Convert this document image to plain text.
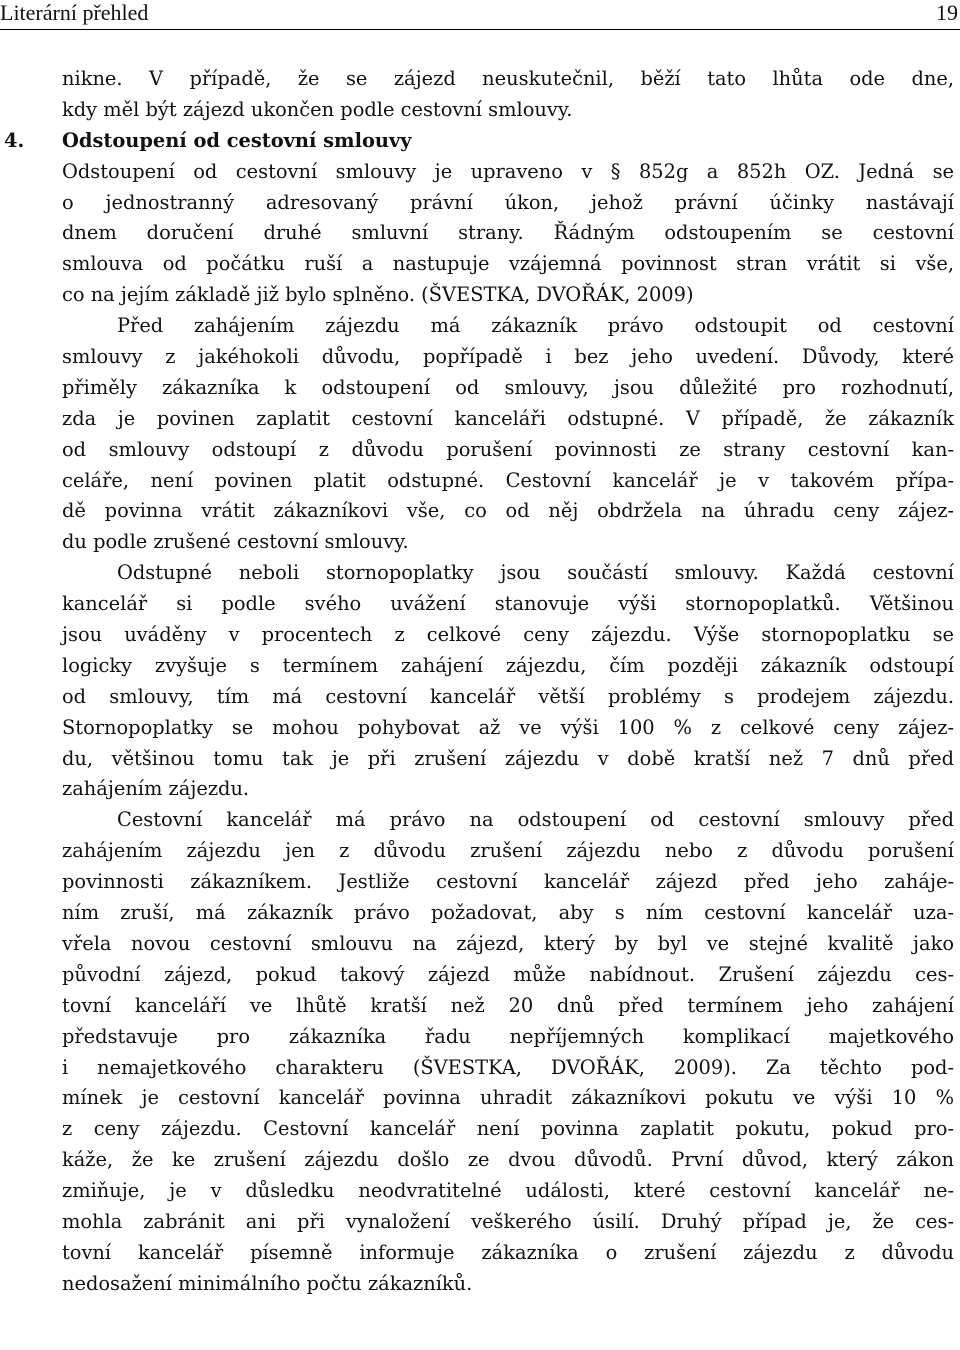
Literární přehled	19
nikne. V případě, že se zájezd neuskutečnil, běží tato lhůta ode dne,
kdy měl být zájezd ukončen podle cestovní smlouvy.
4. Odstoupení od cestovní smlouvy
Odstoupení od cestovní smlouvy je upraveno v § 852g a 852h OZ. Jedná se
o jednostranný adresovaný právní úkon, jehož právní účinky nastávají
dnem doručení druhé smluvní strany. Řádným odstoupením se cestovní
smlouva od počátku ruší a nastupuje vzájemná povinnost stran vrátit si vše,
co na jejím základě již bylo splněno. (ŠVESTKA, DVOŘÁK, 2009)
Před zahájením zájezdu má zákazník právo odstoupit od cestovní
smlouvy z jakéhokoli důvodu, popřípadě i bez jeho uvedení. Důvody, které
přiměly zákazníka k odstoupení od smlouvy, jsou důležité pro rozhodnutí,
zda je povinen zaplatit cestovní kanceláři odstupné. V případě, že zákazník
od smlouvy odstoupí z důvodu porušení povinnosti ze strany cestovní kan-
celáře, není povinen platit odstupné. Cestovní kancelář je v takovém přípa-
dě povinna vrátit zákazníkovi vše, co od něj obdržela na úhradu ceny zájez-
du podle zrušené cestovní smlouvy.
Odstupné neboli stornopoplatky jsou součástí smlouvy. Každá cestovní
kancelář si podle svého uvážení stanovuje výši stornopoplatků. Většinou
jsou uváděny v procentech z celkové ceny zájezdu. Výše stornopoplatku se
logicky zvyšuje s termínem zahájení zájezdu, čím později zákazník odstoupí
od smlouvy, tím má cestovní kancelář větší problémy s prodejem zájezdu.
Stornopoplatky se mohou pohybovat až ve výši 100 % z celkové ceny zájez-
du, většinou tomu tak je při zrušení zájezdu v době kratší než 7 dnů před
zahájením zájezdu.
Cestovní kancelář má právo na odstoupení od cestovní smlouvy před
zahájením zájezdu jen z důvodu zrušení zájezdu nebo z důvodu porušení
povinnosti zákazníkem. Jestliže cestovní kancelář zájezd před jeho zaháje-
ním zruší, má zákazník právo požadovat, aby s ním cestovní kancelář uza-
vřela novou cestovní smlouvu na zájezd, který by byl ve stejné kvalitě jako
původní zájezd, pokud takový zájezd může nabídnout. Zrušení zájezdu ces-
tovní kanceláří ve lhůtě kratší než 20 dnů před termínem jeho zahájení
představuje pro zákazníka řadu nepříjemných komplikací majetkového
i nemajetkového charakteru (ŠVESTKA, DVOŘÁK, 2009). Za těchto pod-
mínek je cestovní kancelář povinna uhradit zákazníkovi pokutu ve výši 10 %
z ceny zájezdu. Cestovní kancelář není povinna zaplatit pokutu, pokud pro-
káže, že ke zrušení zájezdu došlo ze dvou důvodů. První důvod, který zákon
zmiňuje, je v důsledku neodvratitelné události, které cestovní kancelář ne-
mohla zabránit ani při vynaložení veškerého úsilí. Druhý případ je, že ces-
tovní kancelář písemně informuje zákazníka o zrušení zájezdu z důvodu
nedosažení minimálního počtu zákazníků.
